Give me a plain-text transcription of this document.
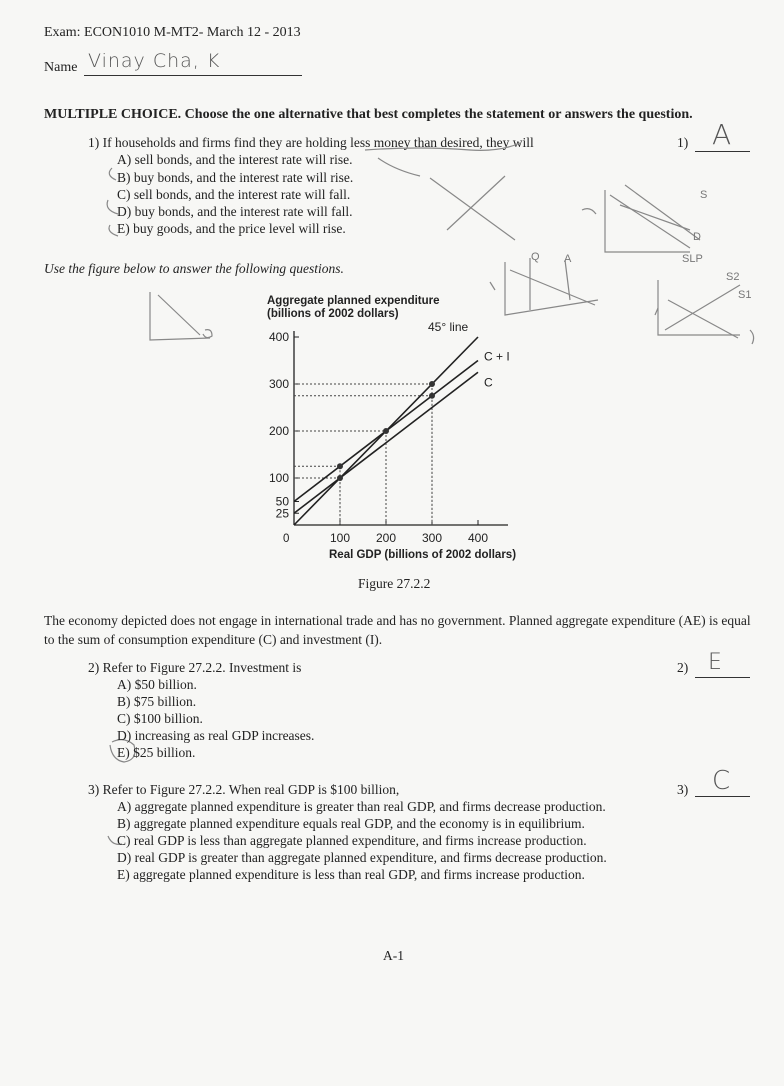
Exam: ECON1010 M-MT2- March 12 - 2013
Name Vinay Cha, K
MULTIPLE CHOICE. Choose the one alternative that best completes the statement or answers the question.
1) If households and firms find they are holding less money than desired, they will	1) A
A) sell bonds, and the interest rate will rise.
B) buy bonds, and the interest rate will rise.
C) sell bonds, and the interest rate will fall.
D) buy bonds, and the interest rate will fall.
E) buy goods, and the price level will rise.
S
SLP
D
S2
S1
Q A
Use the figure below to answer the following questions.
Aggregate planned expenditure
(billions of 2002 dollars)
Real GDP (billions of 2002 dollars)
0
25
50
100
200
300
400
100 200 300 400
45° line
C + I
C
Figure 27.2.2
The economy depicted does not engage in international trade and has no government. Planned aggregate expenditure (AE) is equal to the sum of consumption expenditure (C) and investment (I).
2) Refer to Figure 27.2.2. Investment is	2) E
A) $50 billion.
B) $75 billion.
C) $100 billion.
D) increasing as real GDP increases.
E) $25 billion.
3) Refer to Figure 27.2.2. When real GDP is $100 billion,	3) C
A) aggregate planned expenditure is greater than real GDP, and firms decrease production.
B) aggregate planned expenditure equals real GDP, and the economy is in equilibrium.
C) real GDP is less than aggregate planned expenditure, and firms increase production.
D) real GDP is greater than aggregate planned expenditure, and firms decrease production.
E) aggregate planned expenditure is less than real GDP, and firms increase production.
A-1
